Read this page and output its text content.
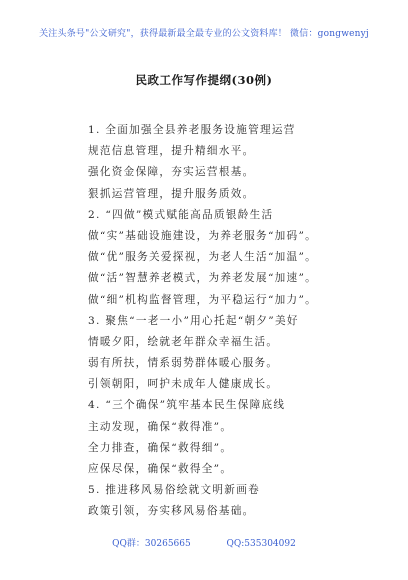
关注头条号"公文研究"，获得最新最全最专业的公文资料库！ 微信：gongwenyj
民政工作写作提纲(30例)
1. 全面加强全县养老服务设施管理运营
规范信息管理，提升精细水平。
强化资金保障，夯实运营根基。
狠抓运营管理，提升服务质效。
2. “四做”模式赋能高品质银龄生活
做“实”基础设施建设，为养老服务“加码”。
做“优”服务关爱探视，为老人生活“加温”。
做“活”智慧养老模式，为养老发展“加速”。
做“细”机构监督管理，为平稳运行“加力”。
3. 聚焦“一老一小”用心托起“朝夕”美好
情暖夕阳，绘就老年群众幸福生活。
弱有所扶，情系弱势群体暖心服务。
引领朝阳，呵护未成年人健康成长。
4. “三个确保”筑牢基本民生保障底线
主动发现，确保“救得准”。
全力排查，确保“救得细”。
应保尽保，确保“救得全”。
5. 推进移风易俗绘就文明新画卷
政策引领，夯实移风易俗基础。
QQ群：30265665	QQ:535304092
